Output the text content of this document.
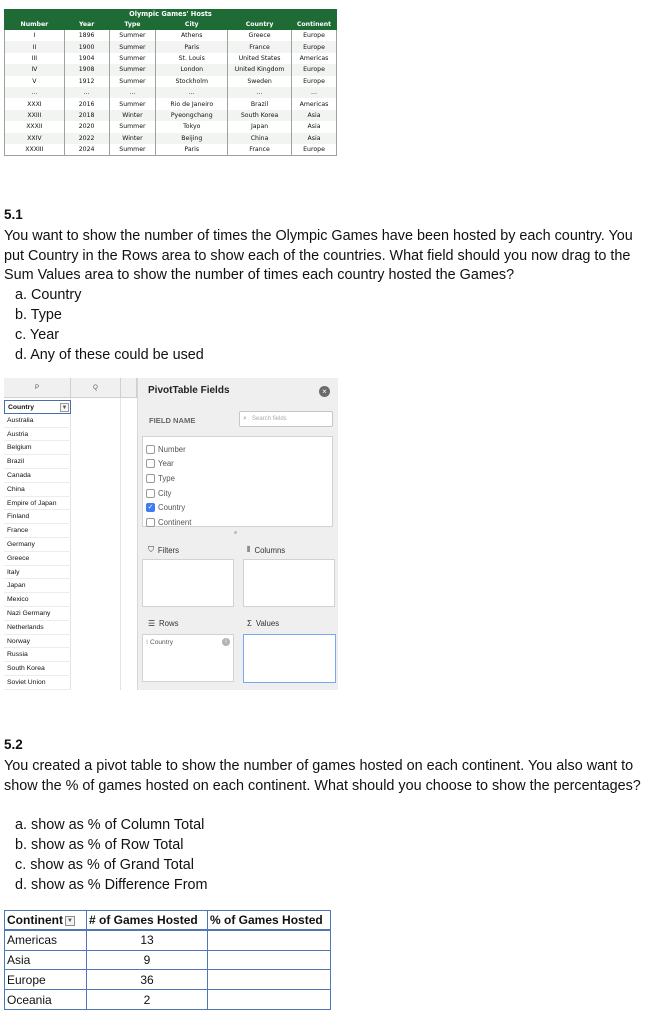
Olympic Games' Hosts
Number	Year	Type	City	Country	Continent
I	1896	Summer	Athens	Greece	Europe
II	1900	Summer	Paris	France	Europe
III	1904	Summer	St. Louis	United States	Americas
IV	1908	Summer	London	United Kingdom	Europe
V	1912	Summer	Stockholm	Sweden	Europe
...	...	...	...	...	...
XXXI	2016	Summer	Rio de Janeiro	Brazil	Americas
XXIII	2018	Winter	Pyeongchang	South Korea	Asia
XXXII	2020	Summer	Tokyo	Japan	Asia
XXIV	2022	Winter	Beijing	China	Asia
XXXIII	2024	Summer	Paris	France	Europe
5.1
You want to show the number of times the Olympic Games have been hosted by each country. You put Country in the Rows area to show each of the countries. What field should you now drag to the Sum Values area to show the number of times each country hosted the Games?
a. Country
b. Type
c. Year
d. Any of these could be used
P	Q
Country	▼
Australia
Austria
Belgium
Brazil
Canada
China
Empire of Japan
Finland
France
Germany
Greece
Italy
Japan
Mexico
Nazi Germany
Netherlands
Norway
Russia
South Korea
Soviet Union
PivotTable Fields	×
FIELD NAME	⌕ Search fields
Number
Year
Type
City
✓ Country
Continent
⛉ Filters	⦀ Columns
☰ Rows	Σ Values
⁝ Country	i
5.2
You created a pivot table to show the number of games hosted on each continent. You also want to show the % of games hosted on each continent. What should you choose to show the percentages?
a. show as % of Column Total
b. show as % of Row Total
c. show as % of Grand Total
d. show as % Difference From
Continent ▼	# of Games Hosted	% of Games Hosted
Americas	13	
Asia	9	
Europe	36	
Oceania	2	
